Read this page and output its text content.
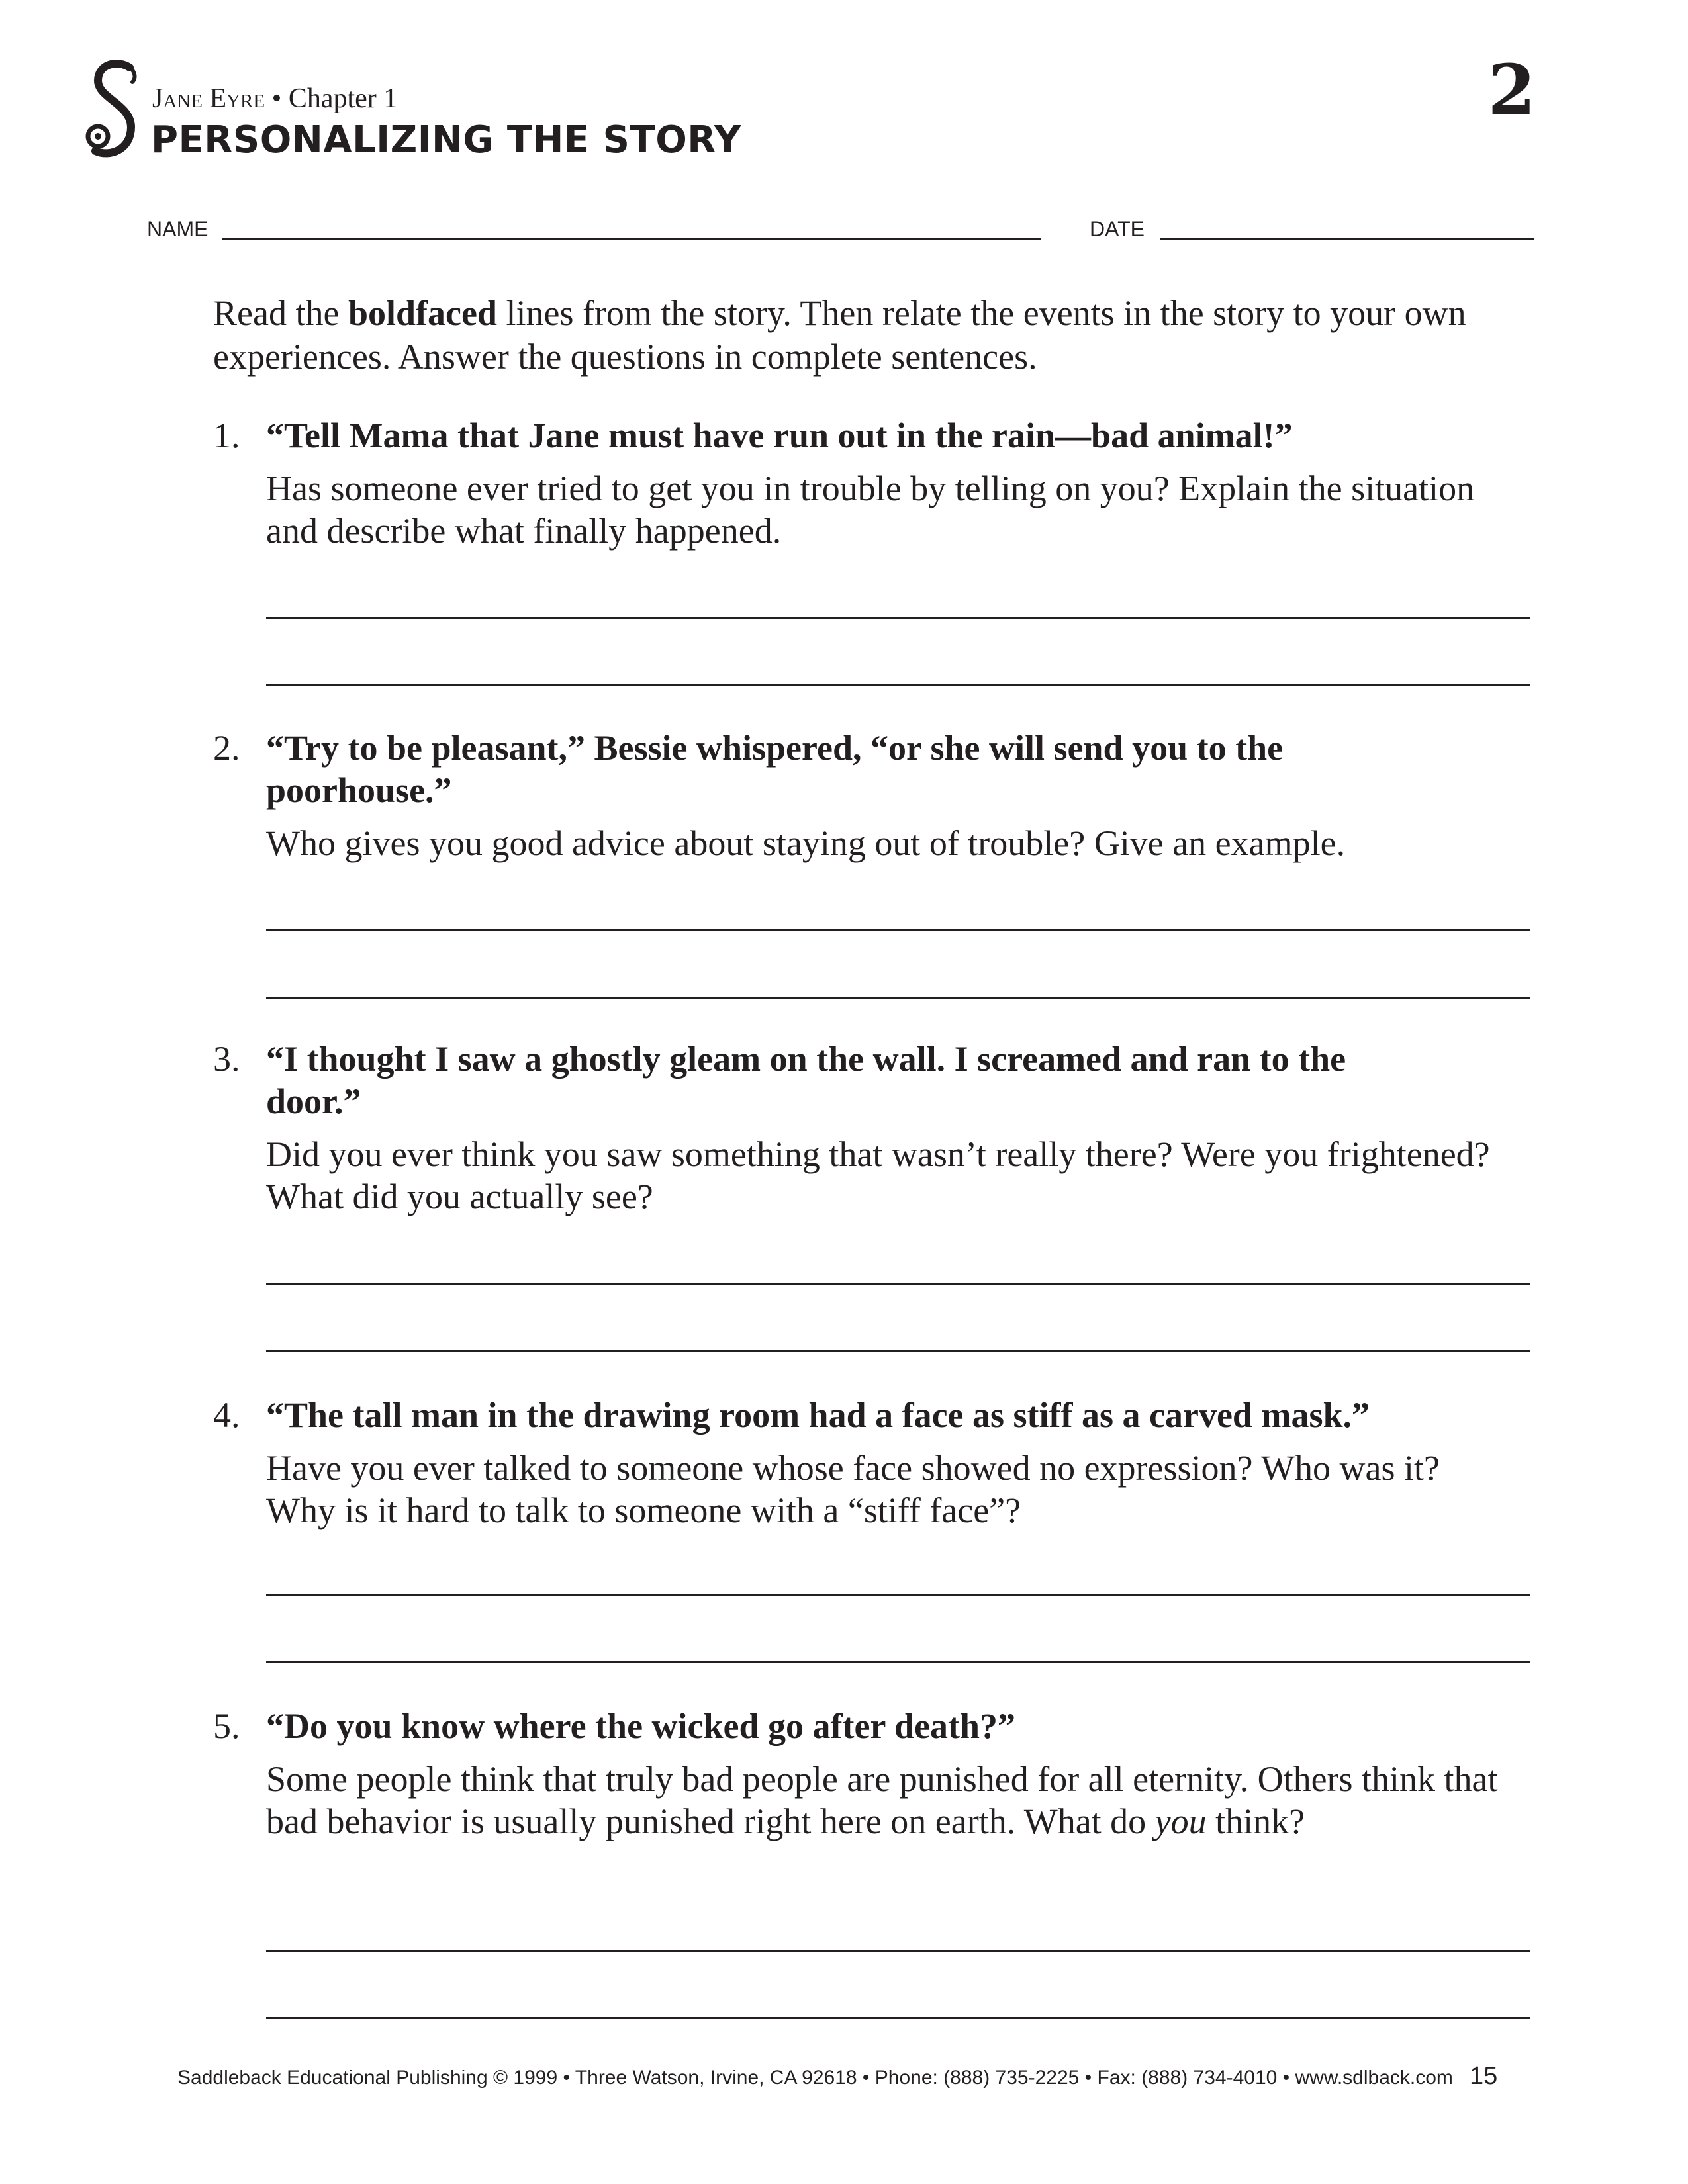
Jane Eyre • Chapter 1
PERSONALIZING THE STORY
2
NAME	DATE

Read the boldfaced lines from the story. Then relate the events in the story to your own experiences. Answer the questions in complete sentences.

1. “Tell Mama that Jane must have run out in the rain—bad animal!”
Has someone ever tried to get you in trouble by telling on you? Explain the situation and describe what finally happened.
2. “Try to be pleasant,” Bessie whispered, “or she will send you to the poorhouse.”
Who gives you good advice about staying out of trouble? Give an example.
3. “I thought I saw a ghostly gleam on the wall. I screamed and ran to the door.”
Did you ever think you saw something that wasn’t really there? Were you frightened? What did you actually see?
4. “The tall man in the drawing room had a face as stiff as a carved mask.”
Have you ever talked to someone whose face showed no expression? Who was it? Why is it hard to talk to someone with a “stiff face”?
5. “Do you know where the wicked go after death?”
Some people think that truly bad people are punished for all eternity. Others think that bad behavior is usually punished right here on earth. What do you think?
Saddleback Educational Publishing © 1999 • Three Watson, Irvine, CA 92618 • Phone: (888) 735-2225 • Fax: (888) 734-4010 • www.sdlback.com 15
